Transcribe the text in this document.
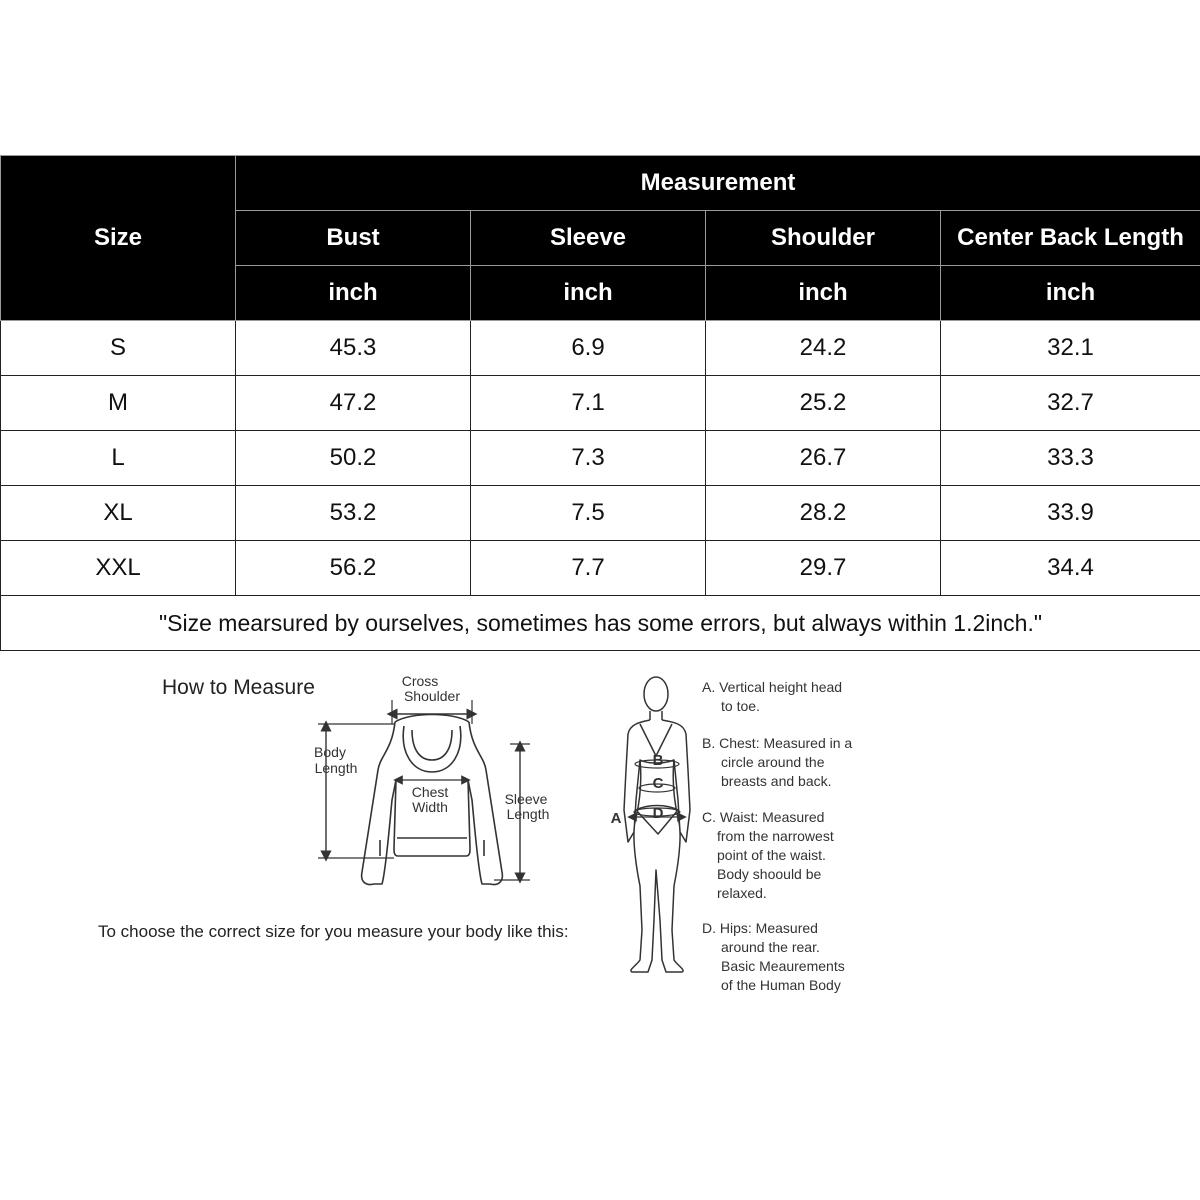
Size	Measurement			
	Bust	Sleeve	Shoulder	Center Back Length
	inch	inch	inch	inch
S	45.3	6.9	24.2	32.1
M	47.2	7.1	25.2	32.7
L	50.2	7.3	26.7	33.3
XL	53.2	7.5	28.2	33.9
XXL	56.2	7.7	29.7	34.4
"Size mearsured by ourselves, sometimes has some errors, but always within 1.2inch."				
How to Measure
To choose the correct size for you measure your body like this:
Cross
Shoulder
Body
Length
Chest
Width	Sleeve
Length
B
C
D
A
A. Vertical height head
to toe.
B. Chest: Measured in a
circle around the
breasts and back.
C. Waist: Measured
from the narrowest
point of the waist.
Body shoould be
relaxed.
D. Hips: Measured
around the rear.
Basic Meaurements
of the Human Body
